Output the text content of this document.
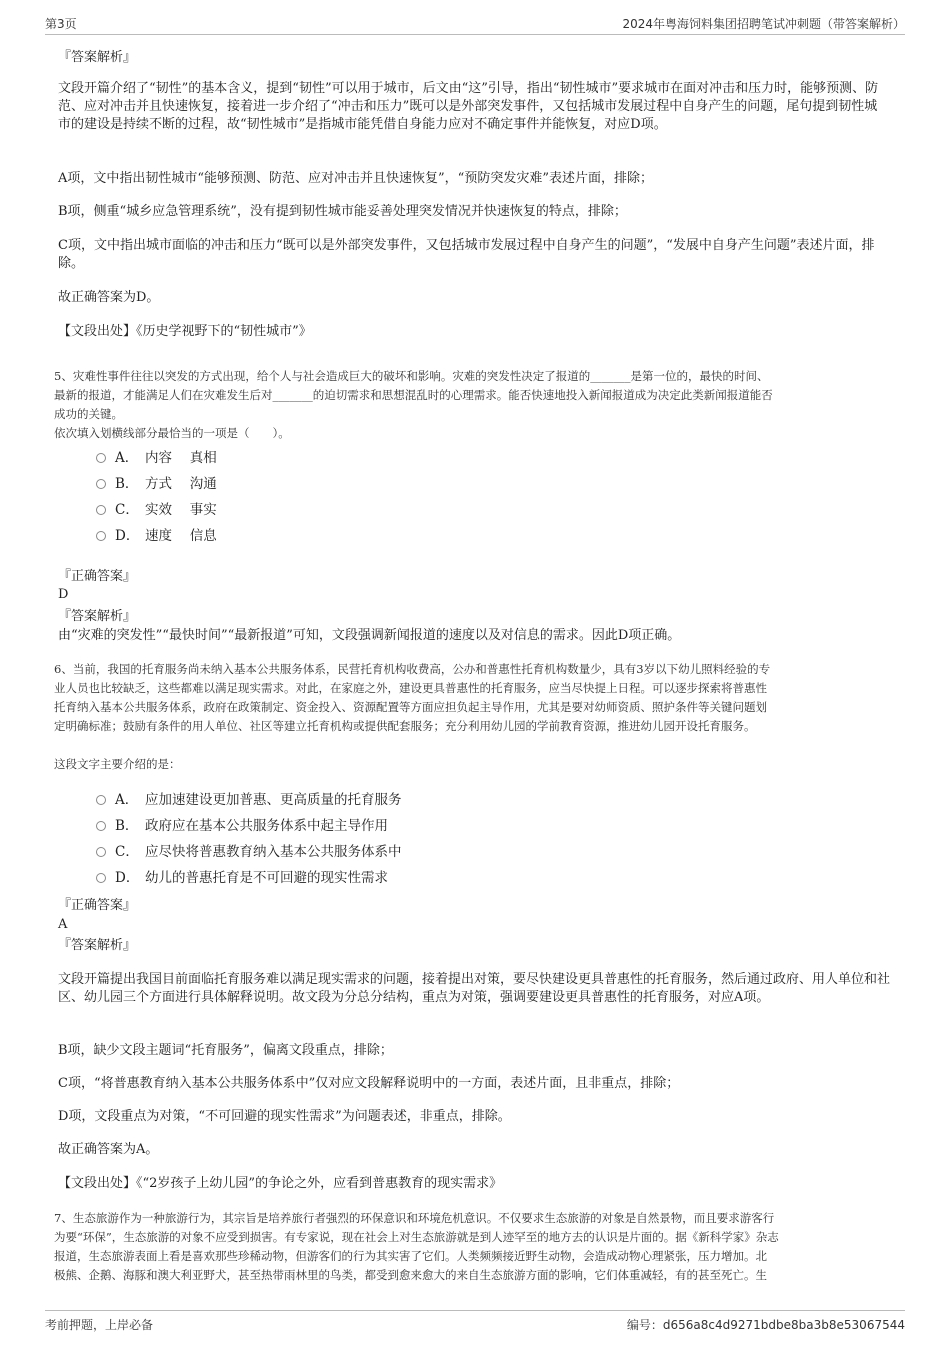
第3页	2024年粤海饲料集团招聘笔试冲刺题（带答案解析）
『答案解析』

文段开篇介绍了“韧性”的基本含义，提到“韧性”可以用于城市，后文由“这”引导，指出“韧性城市”要求城市在面对冲击和压力时，能够预测、防范、应对冲击并且快速恢复，接着进一步介绍了“冲击和压力”既可以是外部突发事件，又包括城市发展过程中自身产生的问题，尾句提到韧性城市的建设是持续不断的过程，故“韧性城市”是指城市能凭借自身能力应对不确定事件并能恢复，对应D项。

A项，文中指出韧性城市“能够预测、防范、应对冲击并且快速恢复”，“预防突发灾难”表述片面，排除；

B项，侧重“城乡应急管理系统”，没有提到韧性城市能妥善处理突发情况并快速恢复的特点，排除；

C项，文中指出城市面临的冲击和压力“既可以是外部突发事件，又包括城市发展过程中自身产生的问题”，“发展中自身产生问题”表述片面，排除。

故正确答案为D。

【文段出处】《历史学视野下的“韧性城市”》

5、灾难性事件往往以突发的方式出现，给个人与社会造成巨大的破坏和影响。灾难的突发性决定了报道的_______是第一位的，最快的时间、
最新的报道，才能满足人们在灾难发生后对_______的迫切需求和思想混乱时的心理需求。能否快速地投入新闻报道成为决定此类新闻报道能否
成功的关键。
依次填入划横线部分最恰当的一项是（　　）。
A． 内容　 真相
B． 方式　 沟通
C． 实效　 事实
D． 速度　 信息
『正确答案』
D
『答案解析』

由“灾难的突发性”“最快时间”“最新报道”可知，文段强调新闻报道的速度以及对信息的需求。因此D项正确。

6、当前，我国的托育服务尚未纳入基本公共服务体系，民营托育机构收费高，公办和普惠性托育机构数量少，具有3岁以下幼儿照料经验的专
业人员也比较缺乏，这些都难以满足现实需求。对此，在家庭之外，建设更具普惠性的托育服务，应当尽快提上日程。可以逐步探索将普惠性
托育纳入基本公共服务体系，政府在政策制定、资金投入、资源配置等方面应担负起主导作用，尤其是要对幼师资质、照护条件等关键问题划
定明确标准；鼓励有条件的用人单位、社区等建立托育机构或提供配套服务；充分利用幼儿园的学前教育资源，推进幼儿园开设托育服务。
这段文字主要介绍的是：
A． 应加速建设更加普惠、更高质量的托育服务
B． 政府应在基本公共服务体系中起主导作用
C． 应尽快将普惠教育纳入基本公共服务体系中
D． 幼儿的普惠托育是不可回避的现实性需求
『正确答案』
A
『答案解析』

文段开篇提出我国目前面临托育服务难以满足现实需求的问题，接着提出对策，要尽快建设更具普惠性的托育服务，然后通过政府、用人单位和社区、幼儿园三个方面进行具体解释说明。故文段为分总分结构，重点为对策，强调要建设更具普惠性的托育服务，对应A项。

B项，缺少文段主题词“托育服务”，偏离文段重点，排除；

C项，“将普惠教育纳入基本公共服务体系中”仅对应文段解释说明中的一方面，表述片面，且非重点，排除；

D项，文段重点为对策，“不可回避的现实性需求”为问题表述，非重点，排除。

故正确答案为A。

【文段出处】《“2岁孩子上幼儿园”的争论之外，应看到普惠教育的现实需求》

7、生态旅游作为一种旅游行为，其宗旨是培养旅行者强烈的环保意识和环境危机意识。不仅要求生态旅游的对象是自然景物，而且要求游客行
为要“环保”，生态旅游的对象不应受到损害。有专家说，现在社会上对生态旅游就是到人迹罕至的地方去的认识是片面的。据《新科学家》杂志
报道，生态旅游表面上看是喜欢那些珍稀动物，但游客们的行为其实害了它们。人类频频接近野生动物，会造成动物心理紧张，压力增加。北
极熊、企鹅、海豚和澳大利亚野犬，甚至热带雨林里的鸟类，都受到愈来愈大的来自生态旅游方面的影响，它们体重减轻，有的甚至死亡。生
考前押题，上岸必备	编号：d656a8c4d9271bdbe8ba3b8e53067544
